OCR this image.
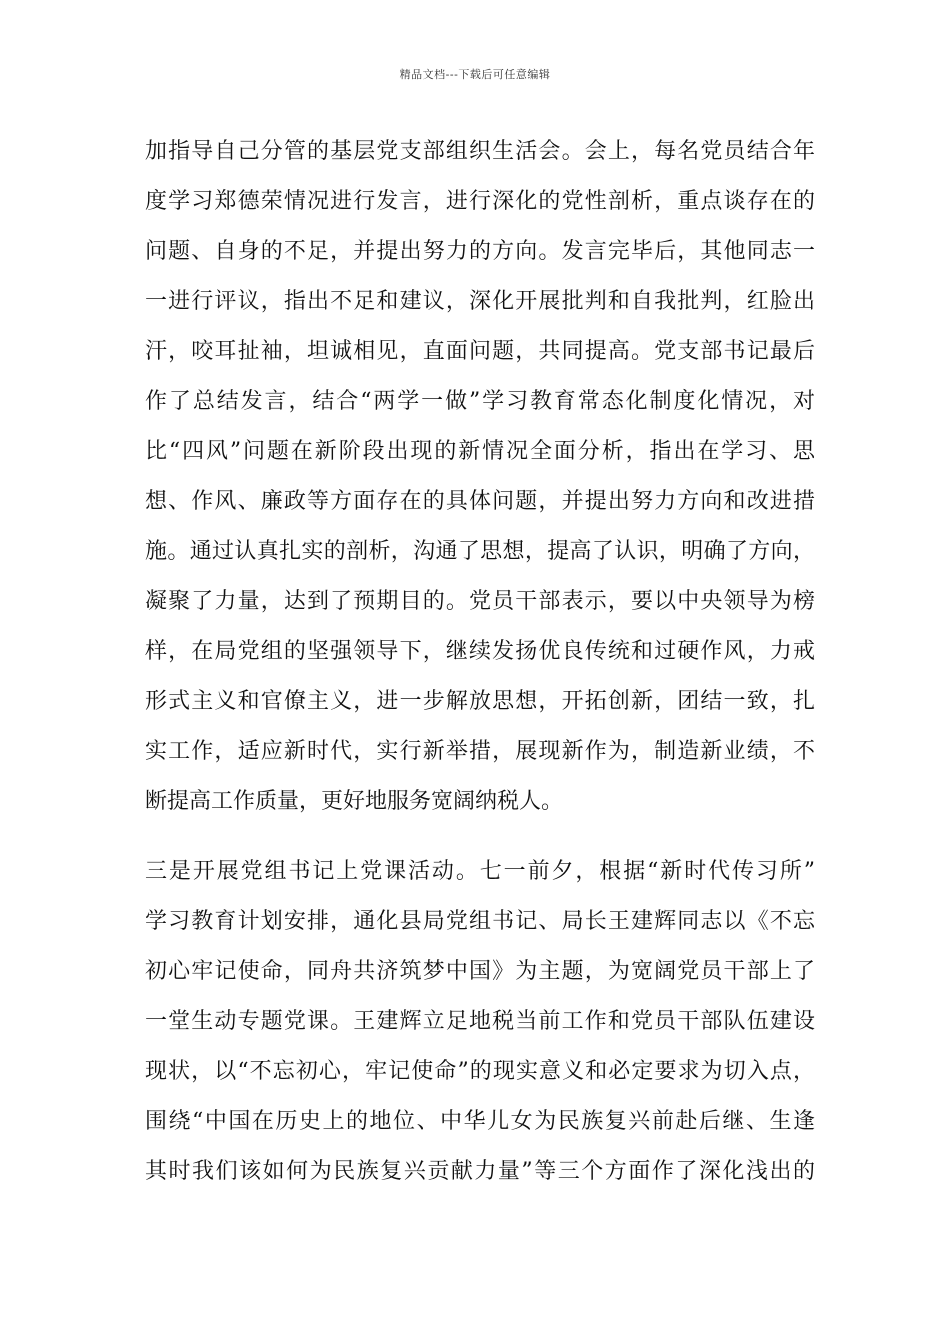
精品文档---下载后可任意编辑
加指导自己分管的基层党支部组织生活会。会上，每名党员结合年
度学习郑德荣情况进行发言，进行深化的党性剖析，重点谈存在的
问题、自身的不足，并提出努力的方向。发言完毕后，其他同志一
一进行评议，指出不足和建议，深化开展批判和自我批判，红脸出
汗，咬耳扯袖，坦诚相见，直面问题，共同提高。党支部书记最后
作了总结发言，结合“两学一做”学习教育常态化制度化情况，对
比“四风”问题在新阶段出现的新情况全面分析，指出在学习、思
想、作风、廉政等方面存在的具体问题，并提出努力方向和改进措
施。通过认真扎实的剖析，沟通了思想，提高了认识，明确了方向，
凝聚了力量，达到了预期目的。党员干部表示，要以中央领导为榜
样，在局党组的坚强领导下，继续发扬优良传统和过硬作风，力戒
形式主义和官僚主义，进一步解放思想，开拓创新，团结一致，扎
实工作，适应新时代，实行新举措，展现新作为，制造新业绩，不
断提高工作质量，更好地服务宽阔纳税人。
三是开展党组书记上党课活动。七一前夕，根据“新时代传习所”
学习教育计划安排，通化县局党组书记、局长王建辉同志以《不忘
初心牢记使命，同舟共济筑梦中国》为主题，为宽阔党员干部上了
一堂生动专题党课。王建辉立足地税当前工作和党员干部队伍建设
现状，以“不忘初心，牢记使命”的现实意义和必定要求为切入点，
围绕“中国在历史上的地位、中华儿女为民族复兴前赴后继、生逢
其时我们该如何为民族复兴贡献力量”等三个方面作了深化浅出的
